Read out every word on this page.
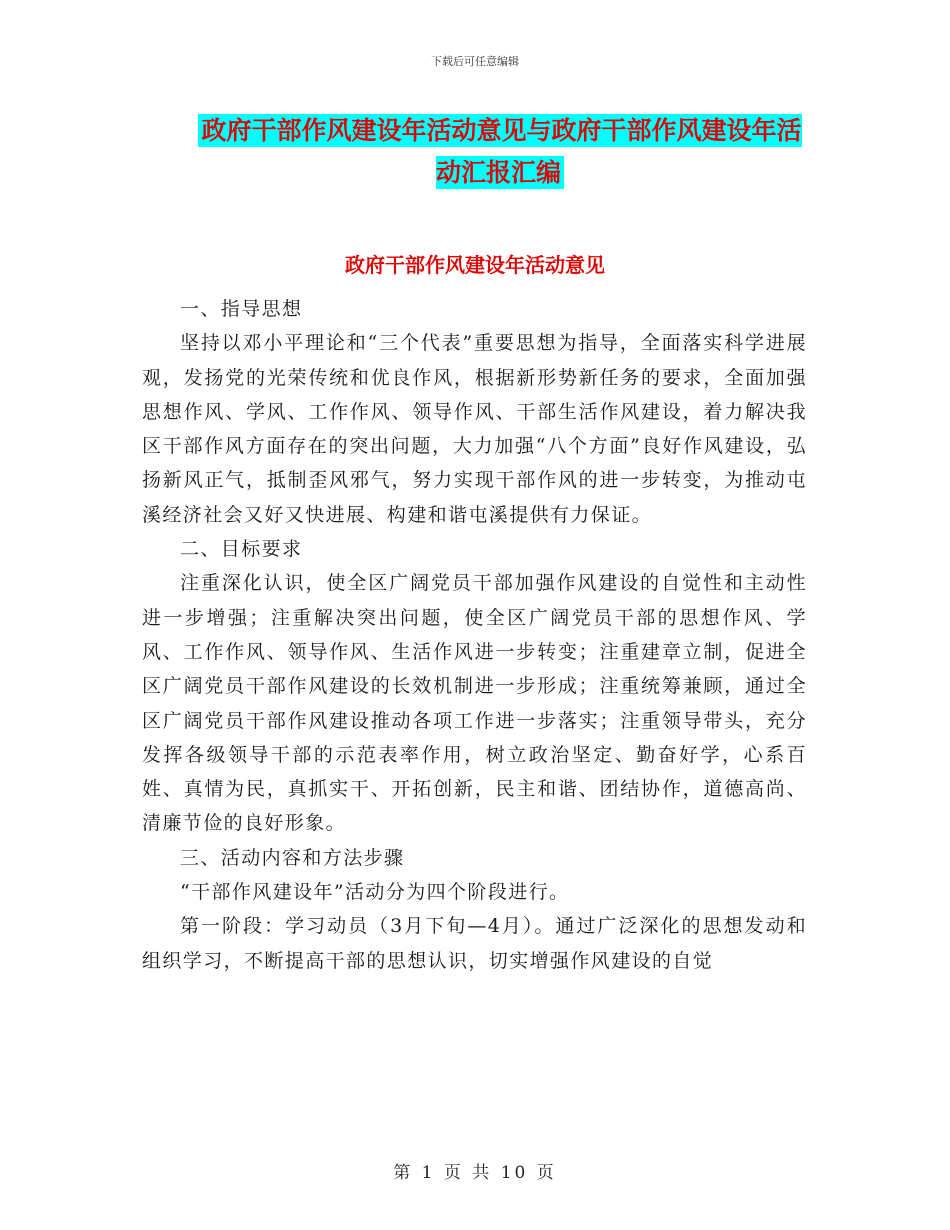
下载后可任意编辑
政府干部作风建设年活动意见与政府干部作风建设年活动汇报汇编
政府干部作风建设年活动意见

一、指导思想

坚持以邓小平理论和“三个代表”重要思想为指导，全面落实科学进展观，发扬党的光荣传统和优良作风，根据新形势新任务的要求，全面加强思想作风、学风、工作作风、领导作风、干部生活作风建设，着力解决我区干部作风方面存在的突出问题，大力加强“八个方面”良好作风建设，弘扬新风正气，抵制歪风邪气，努力实现干部作风的进一步转变，为推动屯溪经济社会又好又快进展、构建和谐屯溪提供有力保证。

二、目标要求

注重深化认识，使全区广阔党员干部加强作风建设的自觉性和主动性进一步增强；注重解决突出问题，使全区广阔党员干部的思想作风、学风、工作作风、领导作风、生活作风进一步转变；注重建章立制，促进全区广阔党员干部作风建设的长效机制进一步形成；注重统筹兼顾，通过全区广阔党员干部作风建设推动各项工作进一步落实；注重领导带头，充分发挥各级领导干部的示范表率作用，树立政治坚定、勤奋好学，心系百姓、真情为民，真抓实干、开拓创新，民主和谐、团结协作，道德高尚、清廉节俭的良好形象。

三、活动内容和方法步骤

“干部作风建设年”活动分为四个阶段进行。

第一阶段：学习动员（3月下旬—4月）。通过广泛深化的思想发动和组织学习，不断提高干部的思想认识，切实增强作风建设的自觉

第 1 页 共 10 页
